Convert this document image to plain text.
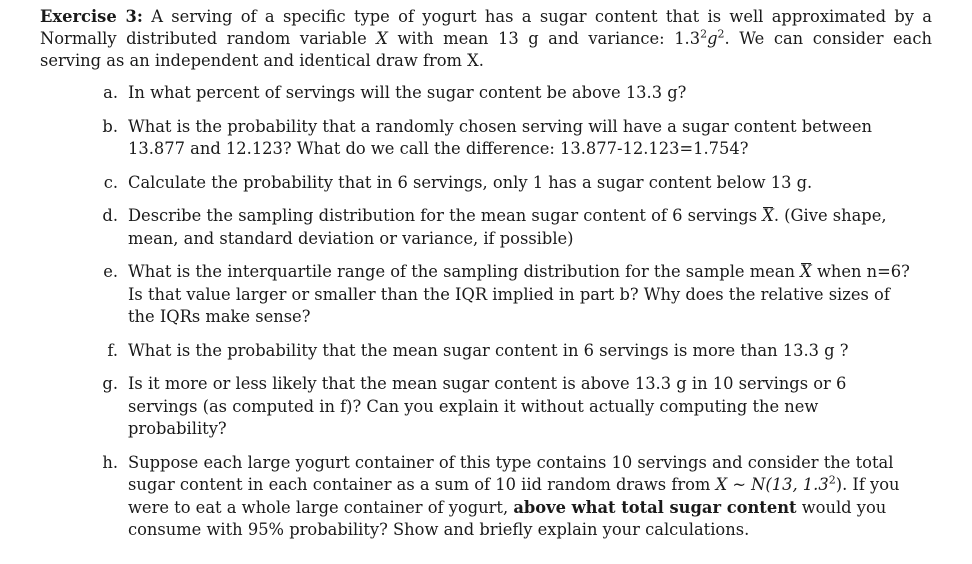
Exercise 3: A serving of a specific type of yogurt has a sugar content that is well approximated by a Normally distributed random variable X with mean 13 g and variance: $1.3^2g^2$. We can consider each serving as an independent and identical draw from X.

a. In what percent of servings will the sugar content be above 13.3 g?
b. What is the probability that a randomly chosen serving will have a sugar content between 13.877 and 12.123? What do we call the difference: 13.877-12.123=1.754?
c. Calculate the probability that in 6 servings, only 1 has a sugar content below 13 g.
d. Describe the sampling distribution for the mean sugar content of 6 servings X. (Give shape, mean, and standard deviation or variance, if possible)
e. What is the interquartile range of the sampling distribution for the sample mean X when n=6? Is that value larger or smaller than the IQR implied in part b? Why does the relative sizes of the IQRs make sense?
f. What is the probability that the mean sugar content in 6 servings is more than 13.3 g ?
g. Is it more or less likely that the mean sugar content is above 13.3 g in 10 servings or 6 servings (as computed in f)? Can you explain it without actually computing the new probability?
h. Suppose each large yogurt container of this type contains 10 servings and consider the total sugar content in each container as a sum of 10 iid random draws from X ~ N(13, $1.3^2$). If you were to eat a whole large container of yogurt, above what total sugar content would you consume with 95% probability? Show and briefly explain your calculations.
